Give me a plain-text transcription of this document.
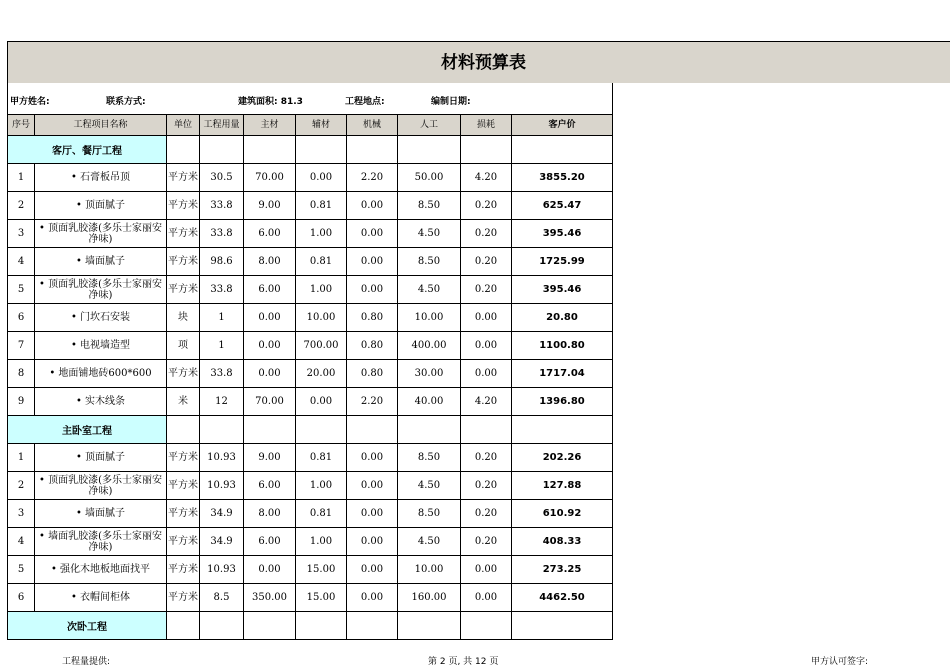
材料预算表
甲方姓名:	联系方式:	建筑面积: 81.3	工程地点:	编制日期:
序号	工程项目名称	单位	工程用量	主材	辅材	机械	人工	损耗	客户价
客厅、餐厅工程									
1	• 石膏板吊顶	平方米	30.5	70.00	0.00	2.20	50.00	4.20	3855.20
2	• 顶面腻子	平方米	33.8	9.00	0.81	0.00	8.50	0.20	625.47
3	• 顶面乳胶漆(多乐士家丽安净味)	平方米	33.8	6.00	1.00	0.00	4.50	0.20	395.46
4	• 墙面腻子	平方米	98.6	8.00	0.81	0.00	8.50	0.20	1725.99
5	• 顶面乳胶漆(多乐士家丽安净味)	平方米	33.8	6.00	1.00	0.00	4.50	0.20	395.46
6	• 门坎石安装	块	1	0.00	10.00	0.80	10.00	0.00	20.80
7	• 电视墙造型	项	1	0.00	700.00	0.80	400.00	0.00	1100.80
8	• 地面铺地砖600*600	平方米	33.8	0.00	20.00	0.80	30.00	0.00	1717.04
9	• 实木线条	米	12	70.00	0.00	2.20	40.00	4.20	1396.80
主卧室工程									
1	• 顶面腻子	平方米	10.93	9.00	0.81	0.00	8.50	0.20	202.26
2	• 顶面乳胶漆(多乐士家丽安净味)	平方米	10.93	6.00	1.00	0.00	4.50	0.20	127.88
3	• 墙面腻子	平方米	34.9	8.00	0.81	0.00	8.50	0.20	610.92
4	• 墙面乳胶漆(多乐士家丽安净味)	平方米	34.9	6.00	1.00	0.00	4.50	0.20	408.33
5	• 强化木地板地面找平	平方米	10.93	0.00	15.00	0.00	10.00	0.00	273.25
6	• 衣帽间柜体	平方米	8.5	350.00	15.00	0.00	160.00	0.00	4462.50
次卧工程									
工程量提供:	第 2 页, 共 12 页	甲方认可签字:
